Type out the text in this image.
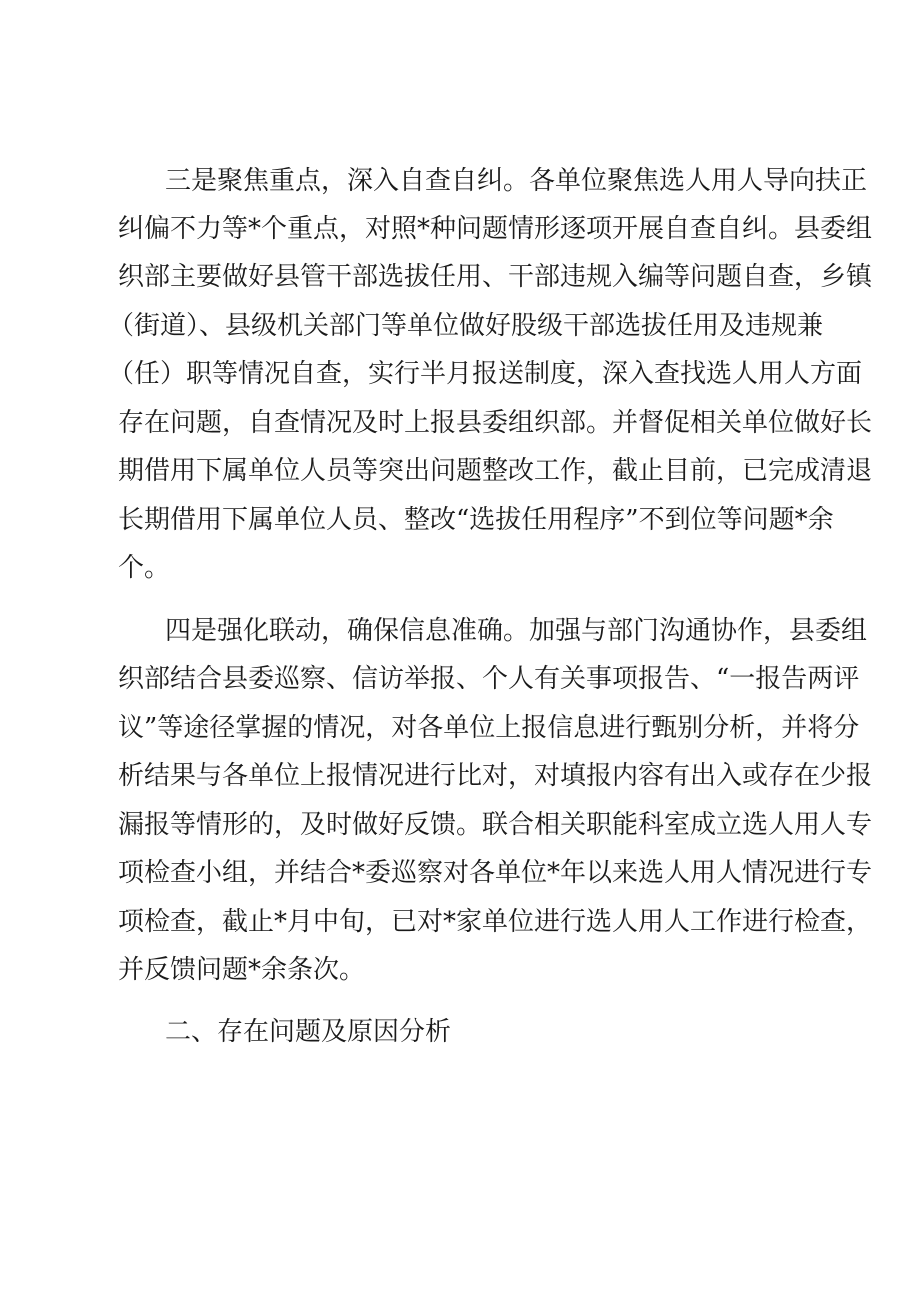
三是聚焦重点，深入自查自纠。各单位聚焦选人用人导向扶正

纠偏不力等*个重点，对照*种问题情形逐项开展自查自纠。县委组

织部主要做好县管干部选拔任用、干部违规入编等问题自查，乡镇

（街道）、县级机关部门等单位做好股级干部选拔任用及违规兼

（任）职等情况自查，实行半月报送制度，深入查找选人用人方面

存在问题，自查情况及时上报县委组织部。并督促相关单位做好长

期借用下属单位人员等突出问题整改工作，截止目前，已完成清退

长期借用下属单位人员、整改“选拔任用程序”不到位等问题*余

个。

四是强化联动，确保信息准确。加强与部门沟通协作，县委组

织部结合县委巡察、信访举报、个人有关事项报告、“一报告两评

议”等途径掌握的情况，对各单位上报信息进行甄别分析，并将分

析结果与各单位上报情况进行比对，对填报内容有出入或存在少报

漏报等情形的，及时做好反馈。联合相关职能科室成立选人用人专

项检查小组，并结合*委巡察对各单位*年以来选人用人情况进行专

项检查，截止*月中旬，已对*家单位进行选人用人工作进行检查，

并反馈问题*余条次。

二、存在问题及原因分析
